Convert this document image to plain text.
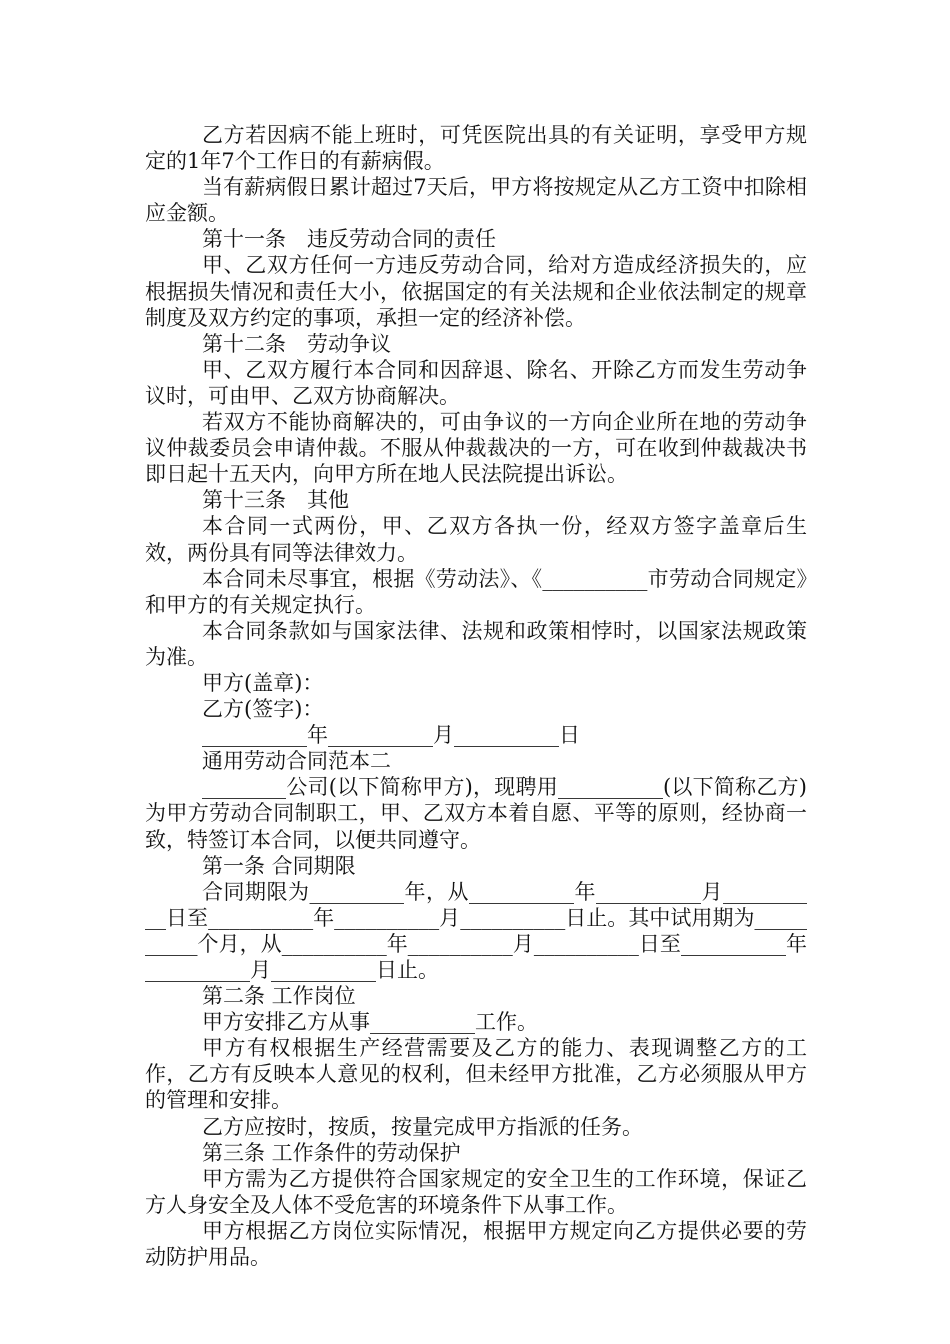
乙方若因病不能上班时，可凭医院出具的有关证明，享受甲方规定的1年7个工作日的有薪病假。

当有薪病假日累计超过7天后，甲方将按规定从乙方工资中扣除相应金额。

第十一条　违反劳动合同的责任

甲、乙双方任何一方违反劳动合同，给对方造成经济损失的，应根据损失情况和责任大小，依据国定的有关法规和企业依法制定的规章制度及双方约定的事项，承担一定的经济补偿。

第十二条　劳动争议

甲、乙双方履行本合同和因辞退、除名、开除乙方而发生劳动争议时，可由甲、乙双方协商解决。

若双方不能协商解决的，可由争议的一方向企业所在地的劳动争议仲裁委员会申请仲裁。不服从仲裁裁决的一方，可在收到仲裁裁决书即日起十五天内，向甲方所在地人民法院提出诉讼。

第十三条　其他

本合同一式两份，甲、乙双方各执一份，经双方签字盖章后生效，两份具有同等法律效力。

本合同未尽事宜，根据《劳动法》、《__________市劳动合同规定》和甲方的有关规定执行。

本合同条款如与国家法律、法规和政策相悖时，以国家法规政策为准。

甲方(盖章)：

乙方(签字)：

__________年__________月__________日

通用劳动合同范本二

________公司(以下简称甲方)，现聘用__________(以下简称乙方)为甲方劳动合同制职工，甲、乙双方本着自愿、平等的原则，经协商一致，特签订本合同，以便共同遵守。

第一条 合同期限

合同期限为_________年，从__________年__________月__________日至__________年__________月__________日止。其中试用期为__________个月，从__________年__________月__________日至__________年__________月__________日止。

第二条 工作岗位

甲方安排乙方从事__________工作。

甲方有权根据生产经营需要及乙方的能力、表现调整乙方的工作，乙方有反映本人意见的权利，但未经甲方批准，乙方必须服从甲方的管理和安排。

乙方应按时，按质，按量完成甲方指派的任务。

第三条 工作条件的劳动保护

甲方需为乙方提供符合国家规定的安全卫生的工作环境，保证乙方人身安全及人体不受危害的环境条件下从事工作。

甲方根据乙方岗位实际情况，根据甲方规定向乙方提供必要的劳动防护用品。
